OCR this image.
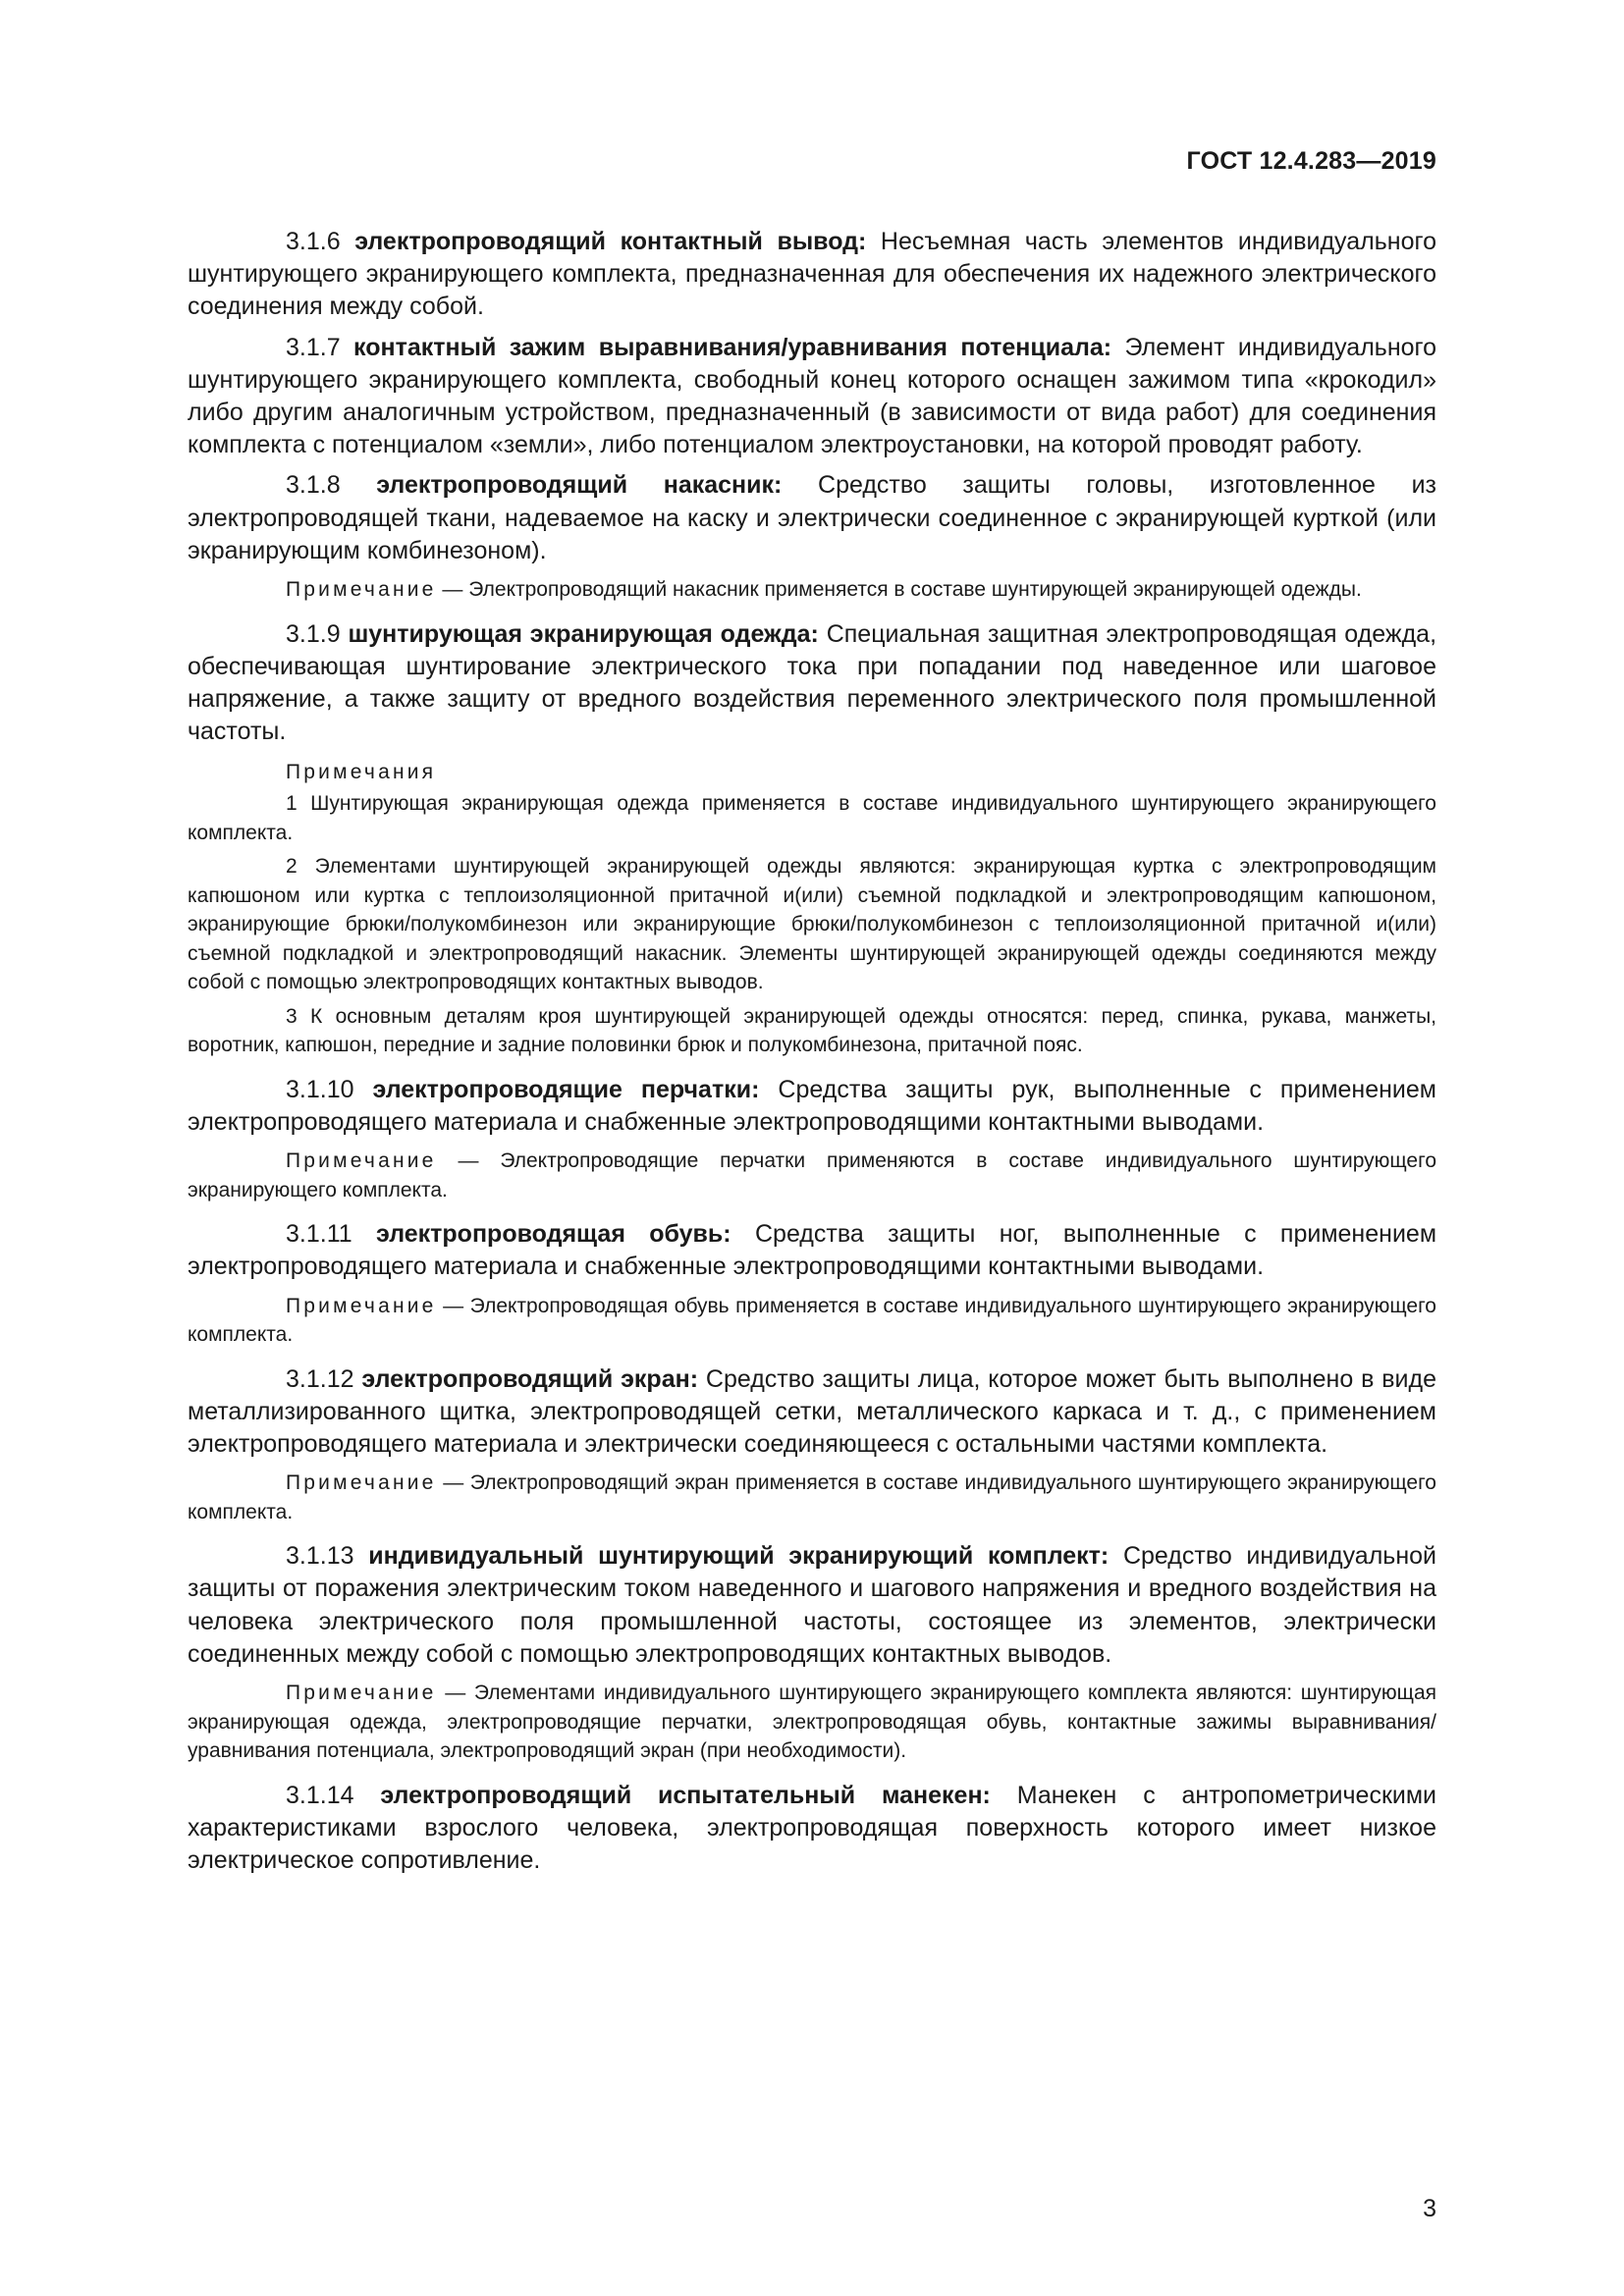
ГОСТ 12.4.283—2019

3.1.6 электропроводящий контактный вывод: Несъемная часть элементов индивидуального шунтирующего экранирующего комплекта, предназначенная для обеспечения их надежного электрического соединения между собой.

3.1.7 контактный зажим выравнивания/уравнивания потенциала: Элемент индивидуального шунтирующего экранирующего комплекта, свободный конец которого оснащен зажимом типа «крокодил» либо другим аналогичным устройством, предназначенный (в зависимости от вида работ) для соединения комплекта с потенциалом «земли», либо потенциалом электроустановки, на которой проводят работу.

3.1.8 электропроводящий накасник: Средство защиты головы, изготовленное из электропроводящей ткани, надеваемое на каску и электрически соединенное с экранирующей курткой (или экранирующим комбинезоном).

Примечание — Электропроводящий накасник применяется в составе шунтирующей экранирующей одежды.

3.1.9 шунтирующая экранирующая одежда: Специальная защитная электропроводящая одежда, обеспечивающая шунтирование электрического тока при попадании под наведенное или шаговое напряжение, а также защиту от вредного воздействия переменного электрического поля промышленной частоты.

Примечания

1 Шунтирующая экранирующая одежда применяется в составе индивидуального шунтирующего экранирующего комплекта.

2 Элементами шунтирующей экранирующей одежды являются: экранирующая куртка с электропроводящим капюшоном или куртка с теплоизоляционной притачной и(или) съемной подкладкой и электропроводящим капюшоном, экранирующие брюки/полукомбинезон или экранирующие брюки/полукомбинезон с теплоизоляционной притачной и(или) съемной подкладкой и электропроводящий накасник. Элементы шунтирующей экранирующей одежды соединяются между собой с помощью электропроводящих контактных выводов.

3 К основным деталям кроя шунтирующей экранирующей одежды относятся: перед, спинка, рукава, манжеты, воротник, капюшон, передние и задние половинки брюк и полукомбинезона, притачной пояс.

3.1.10 электропроводящие перчатки: Средства защиты рук, выполненные с применением электропроводящего материала и снабженные электропроводящими контактными выводами.

Примечание — Электропроводящие перчатки применяются в составе индивидуального шунтирующего экранирующего комплекта.

3.1.11 электропроводящая обувь: Средства защиты ног, выполненные с применением электропроводящего материала и снабженные электропроводящими контактными выводами.

Примечание — Электропроводящая обувь применяется в составе индивидуального шунтирующего экранирующего комплекта.

3.1.12 электропроводящий экран: Средство защиты лица, которое может быть выполнено в виде металлизированного щитка, электропроводящей сетки, металлического каркаса и т. д., с применением электропроводящего материала и электрически соединяющееся с остальными частями комплекта.

Примечание — Электропроводящий экран применяется в составе индивидуального шунтирующего экранирующего комплекта.

3.1.13 индивидуальный шунтирующий экранирующий комплект: Средство индивидуальной защиты от поражения электрическим током наведенного и шагового напряжения и вредного воздействия на человека электрического поля промышленной частоты, состоящее из элементов, электрически соединенных между собой с помощью электропроводящих контактных выводов.

Примечание — Элементами индивидуального шунтирующего экранирующего комплекта являются: шунтирующая экранирующая одежда, электропроводящие перчатки, электропроводящая обувь, контактные зажимы выравнивания/уравнивания потенциала, электропроводящий экран (при необходимости).

3.1.14 электропроводящий испытательный манекен: Манекен с антропометрическими характеристиками взрослого человека, электропроводящая поверхность которого имеет низкое электрическое сопротивление.

3
